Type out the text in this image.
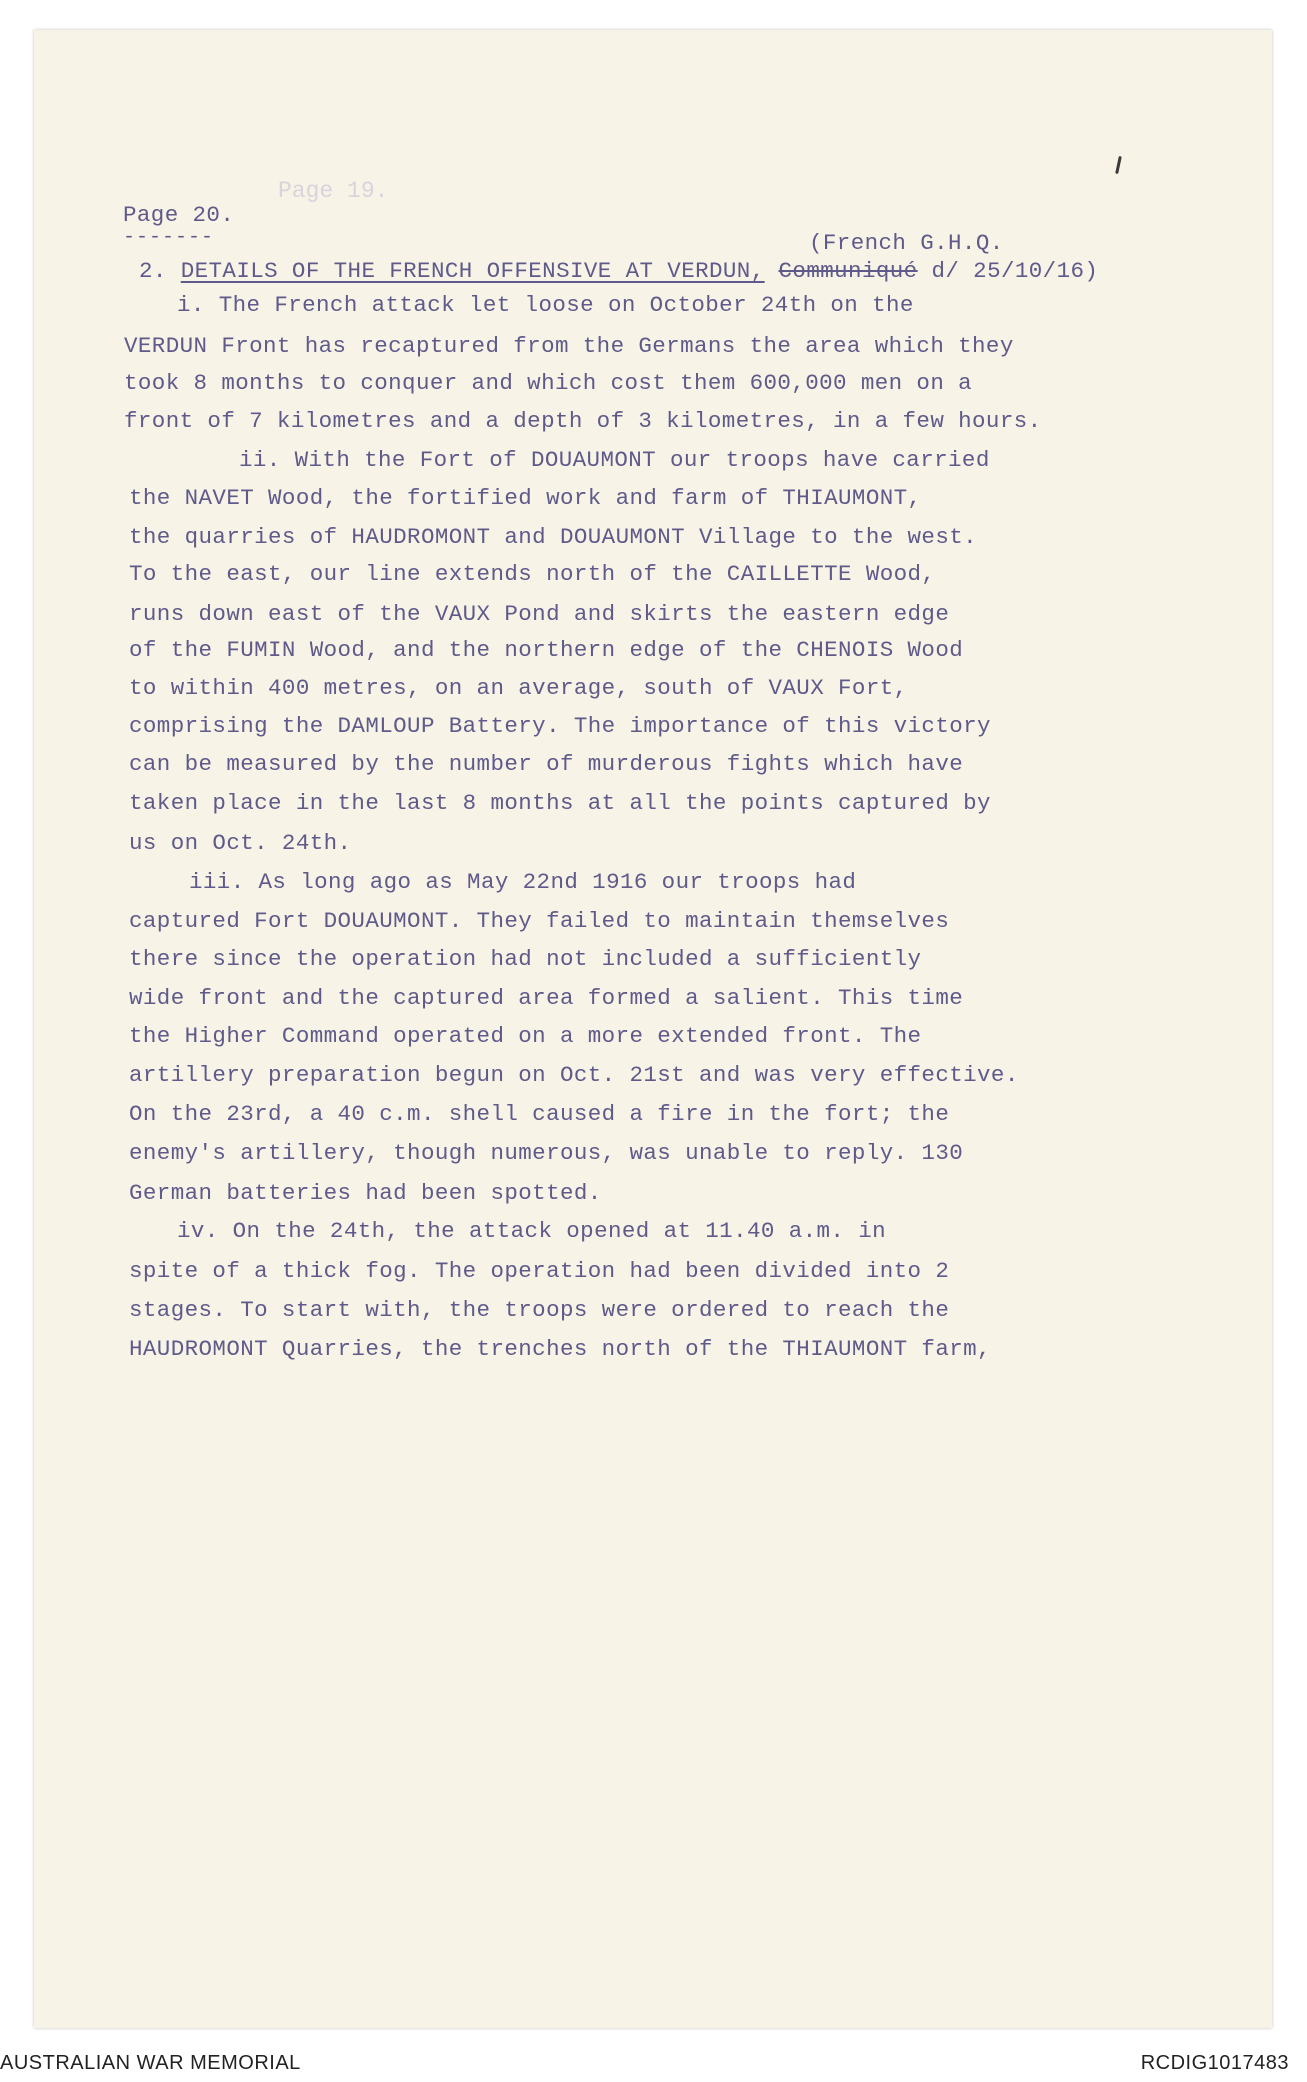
Page 19.
Page 20.
-------	(French G.H.Q.
2. DETAILS OF THE FRENCH OFFENSIVE AT VERDUN, Communiqué d/ 25/10/16)
i. The French attack let loose on October 24th on the
VERDUN Front has recaptured from the Germans the area which they
took 8 months to conquer and which cost them 600,000 men on a
front of 7 kilometres and a depth of 3 kilometres, in a few hours.
ii. With the Fort of DOUAUMONT our troops have carried
the NAVET Wood, the fortified work and farm of THIAUMONT,
the quarries of HAUDROMONT and DOUAUMONT Village to the west.
To the east, our line extends north of the CAILLETTE Wood,
runs down east of the VAUX Pond and skirts the eastern edge
of the FUMIN Wood, and the northern edge of the CHENOIS Wood
to within 400 metres, on an average, south of VAUX Fort,
comprising the DAMLOUP Battery. The importance of this victory
can be measured by the number of murderous fights which have
taken place in the last 8 months at all the points captured by
us on Oct. 24th.
iii. As long ago as May 22nd 1916 our troops had
captured Fort DOUAUMONT. They failed to maintain themselves
there since the operation had not included a sufficiently
wide front and the captured area formed a salient. This time
the Higher Command operated on a more extended front. The
artillery preparation begun on Oct. 21st and was very effective.
On the 23rd, a 40 c.m. shell caused a fire in the fort; the
enemy's artillery, though numerous, was unable to reply. 130
German batteries had been spotted.
iv. On the 24th, the attack opened at 11.40 a.m. in
spite of a thick fog. The operation had been divided into 2
stages. To start with, the troops were ordered to reach the
HAUDROMONT Quarries, the trenches north of the THIAUMONT farm,
AUSTRALIAN WAR MEMORIAL	RCDIG1017483
